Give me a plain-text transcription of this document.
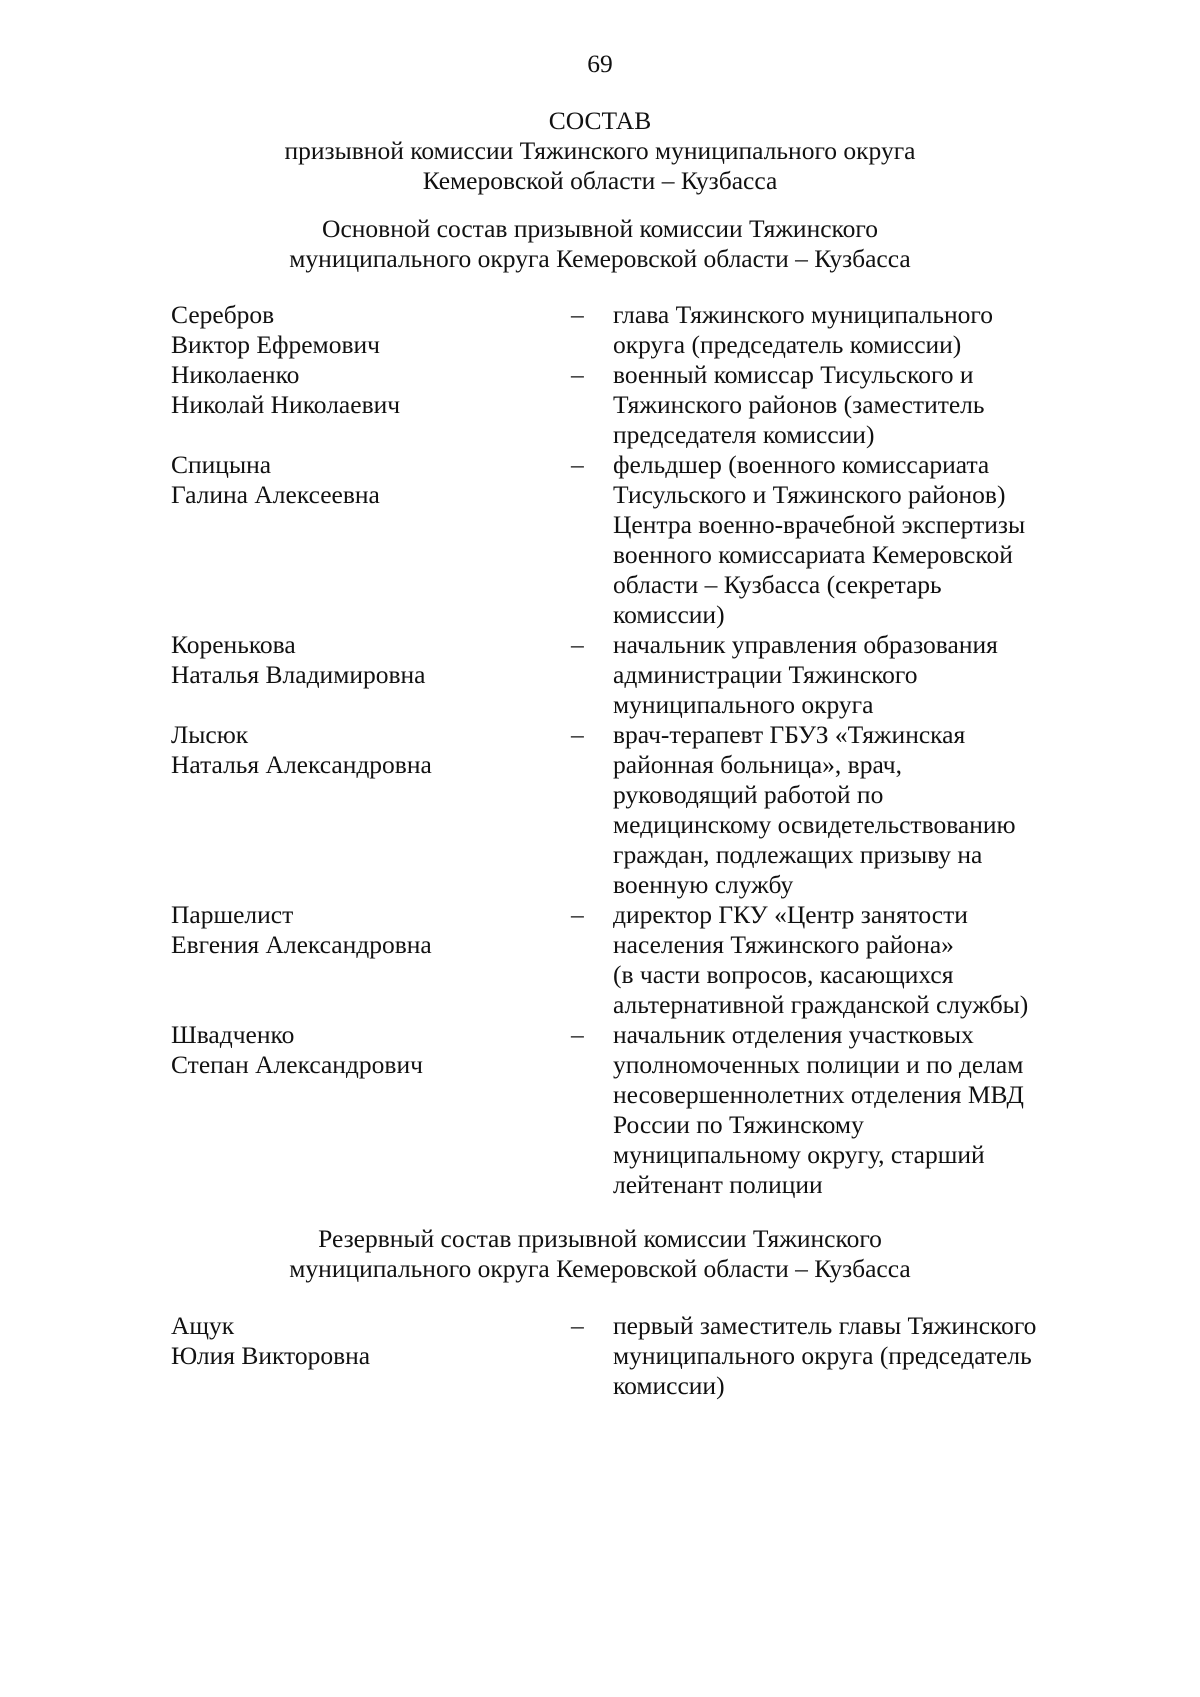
69
СОСТАВ
призывной комиссии Тяжинского муниципального округа
Кемеровской области – Кузбасса
Основной состав призывной комиссии Тяжинского
муниципального округа Кемеровской области – Кузбасса
Серебров
Виктор Ефремович
–	глава Тяжинского муниципального
округа (председатель комиссии)
Николаенко
Николай Николаевич
–	военный комиссар Тисульского и
Тяжинского районов (заместитель
председателя комиссии)
Спицына
Галина Алексеевна
–	фельдшер (военного комиссариата
Тисульского и Тяжинского районов)
Центра военно-врачебной экспертизы
военного комиссариата Кемеровской
области – Кузбасса (секретарь
комиссии)
Коренькова
Наталья Владимировна
–	начальник управления образования
администрации Тяжинского
муниципального округа
Лысюк
Наталья Александровна
–	врач-терапевт ГБУЗ «Тяжинская
районная больница», врач,
руководящий работой по
медицинскому освидетельствованию
граждан, подлежащих призыву на
военную службу
Паршелист
Евгения Александровна
–	директор ГКУ «Центр занятости
населения Тяжинского района»
(в части вопросов, касающихся
альтернативной гражданской службы)
Швадченко
Степан Александрович
–	начальник отделения участковых
уполномоченных полиции и по делам
несовершеннолетних отделения МВД
России по Тяжинскому
муниципальному округу, старший
лейтенант полиции
Резервный состав призывной комиссии Тяжинского
муниципального округа Кемеровской области – Кузбасса
Ащук
Юлия Викторовна
–	первый заместитель главы Тяжинского
муниципального округа (председатель
комиссии)
